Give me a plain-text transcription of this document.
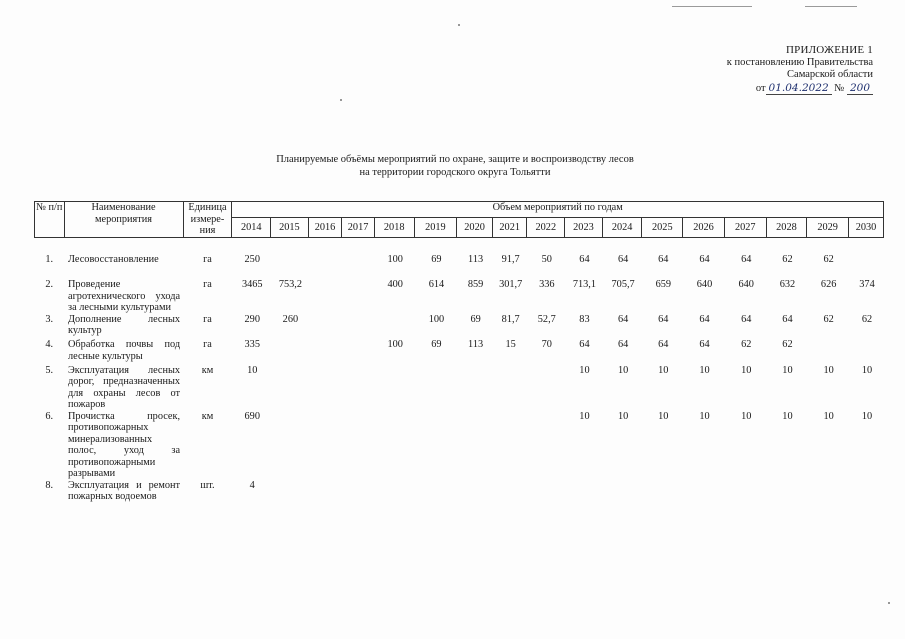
ПРИЛОЖЕНИЕ 1
к постановлению Правительства
Самарской области
от 01.04.2022 № 200
Планируемые объёмы мероприятий по охране, защите и воспроизводству лесов
на территории городского округа Тольятти
№ п/п	Наименование мероприятия	Единица измере-ния	Объем мероприятий по годам																
			2014	2015	2016	2017	2018	2019	2020	2021	2022	2023	2024	2025	2026	2027	2028	2029	2030

1.	Лесовосстановление	га	250				100	69	113	91,7	50	64	64	64	64	64	62	62	
2.	Проведение агротехнического ухода за лесными культурами	га	3465	753,2			400	614	859	301,7	336	713,1	705,7	659	640	640	632	626	374
3.	Дополнение лесных культур	га	290	260				100	69	81,7	52,7	83	64	64	64	64	64	62	62
4.	Обработка почвы под лесные культуры	га	335				100	69	113	15	70	64	64	64	64	62	62		
5.	Эксплуатация лесных дорог, предназначенных для охраны лесов от пожаров	км	10									10	10	10	10	10	10	10	10
6.	Прочистка просек, противопожарных минерализованных полос, уход за противопожарными разрывами	км	690									10	10	10	10	10	10	10	10
8.	Эксплуатация и ремонт пожарных водоемов	шт.	4																
